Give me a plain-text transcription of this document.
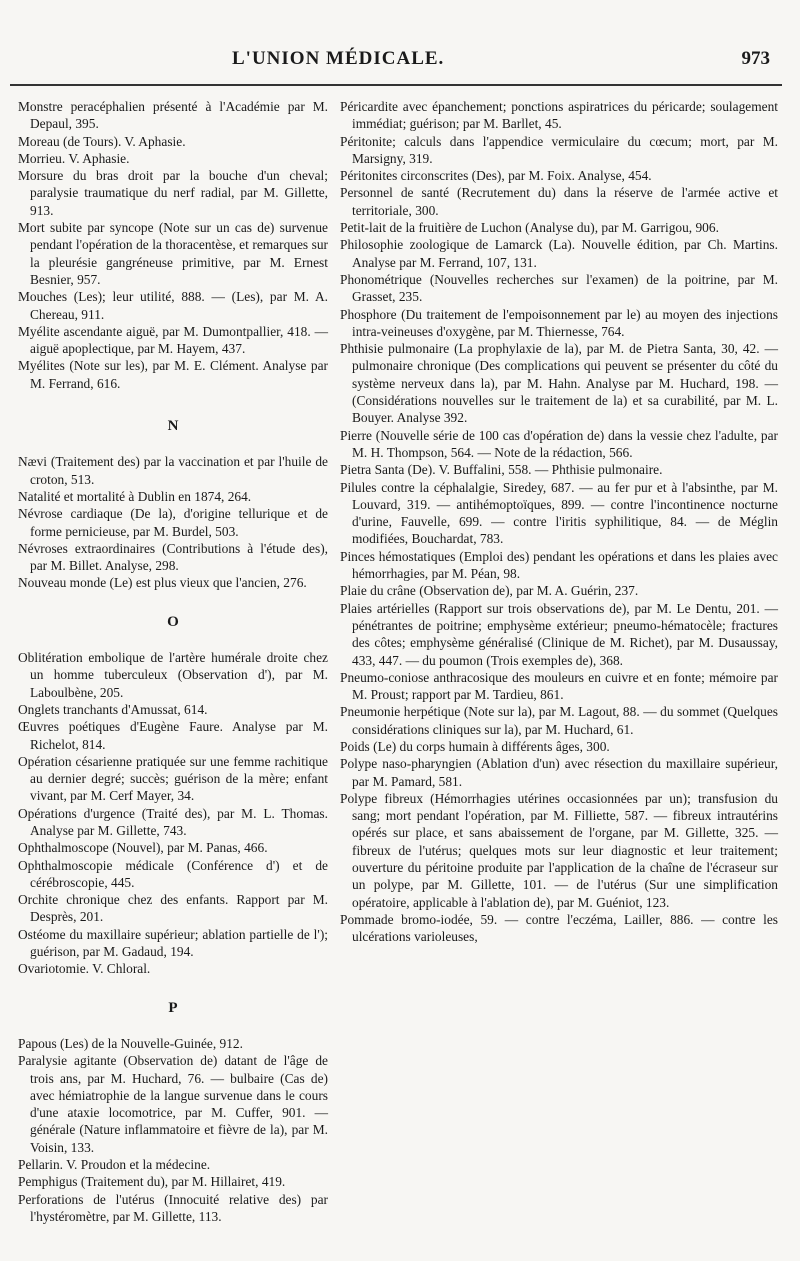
L'UNION MÉDICALE.	973
Monstre peracéphalien présenté à l'Académie par M. Depaul, 395.
Moreau (de Tours). V. Aphasie.
Morrieu. V. Aphasie.
Morsure du bras droit par la bouche d'un cheval; paralysie traumatique du nerf radial, par M. Gillette, 913.
Mort subite par syncope (Note sur un cas de) survenue pendant l'opération de la thoracentèse, et remarques sur la pleurésie gangréneuse primitive, par M. Ernest Besnier, 957.
Mouches (Les); leur utilité, 888. — (Les), par M. A. Chereau, 911.
Myélite ascendante aiguë, par M. Dumontpallier, 418. — aiguë apoplectique, par M. Hayem, 437.
Myélites (Note sur les), par M. E. Clément. Analyse par M. Ferrand, 616.
N
Nævi (Traitement des) par la vaccination et par l'huile de croton, 513.
Natalité et mortalité à Dublin en 1874, 264.
Névrose cardiaque (De la), d'origine tellurique et de forme pernicieuse, par M. Burdel, 503.
Névroses extraordinaires (Contributions à l'étude des), par M. Billet. Analyse, 298.
Nouveau monde (Le) est plus vieux que l'ancien, 276.
O
Oblitération embolique de l'artère humérale droite chez un homme tuberculeux (Observation d'), par M. Laboulbène, 205.
Onglets tranchants d'Amussat, 614.
Œuvres poétiques d'Eugène Faure. Analyse par M. Richelot, 814.
Opération césarienne pratiquée sur une femme rachitique au dernier degré; succès; guérison de la mère; enfant vivant, par M. Cerf Mayer, 34.
Opérations d'urgence (Traité des), par M. L. Thomas. Analyse par M. Gillette, 743.
Ophthalmoscope (Nouvel), par M. Panas, 466.
Ophthalmoscopie médicale (Conférence d') et de cérébroscopie, 445.
Orchite chronique chez des enfants. Rapport par M. Desprès, 201.
Ostéome du maxillaire supérieur; ablation partielle de l'); guérison, par M. Gadaud, 194.
Ovariotomie. V. Chloral.
P
Papous (Les) de la Nouvelle-Guinée, 912.
Paralysie agitante (Observation de) datant de l'âge de trois ans, par M. Huchard, 76. — bulbaire (Cas de) avec hémiatrophie de la langue survenue dans le cours d'une ataxie locomotrice, par M. Cuffer, 901. — générale (Nature inflammatoire et fièvre de la), par M. Voisin, 133.
Pellarin. V. Proudon et la médecine.
Pemphigus (Traitement du), par M. Hillairet, 419.
Perforations de l'utérus (Innocuité relative des) par l'hystéromètre, par M. Gillette, 113.
Péricardite avec épanchement; ponctions aspiratrices du péricarde; soulagement immédiat; guérison; par M. Barllet, 45.
Péritonite; calculs dans l'appendice vermiculaire du cœcum; mort, par M. Marsigny, 319.
Péritonites circonscrites (Des), par M. Foix. Analyse, 454.
Personnel de santé (Recrutement du) dans la réserve de l'armée active et territoriale, 300.
Petit-lait de la fruitière de Luchon (Analyse du), par M. Garrigou, 906.
Philosophie zoologique de Lamarck (La). Nouvelle édition, par Ch. Martins. Analyse par M. Ferrand, 107, 131.
Phonométrique (Nouvelles recherches sur l'examen) de la poitrine, par M. Grasset, 235.
Phosphore (Du traitement de l'empoisonnement par le) au moyen des injections intra-veineuses d'oxygène, par M. Thiernesse, 764.
Phthisie pulmonaire (La prophylaxie de la), par M. de Pietra Santa, 30, 42. — pulmonaire chronique (Des complications qui peuvent se présenter du côté du système nerveux dans la), par M. Hahn. Analyse par M. Huchard, 198. — (Considérations nouvelles sur le traitement de la) et sa curabilité, par M. L. Bouyer. Analyse 392.
Pierre (Nouvelle série de 100 cas d'opération de) dans la vessie chez l'adulte, par M. H. Thompson, 564. — Note de la rédaction, 566.
Pietra Santa (De). V. Buffalini, 558. — Phthisie pulmonaire.
Pilules contre la céphalalgie, Siredey, 687. — au fer pur et à l'absinthe, par M. Louvard, 319. — antihémoptoïques, 899. — contre l'incontinence nocturne d'urine, Fauvelle, 699. — contre l'iritis syphilitique, 84. — de Méglin modifiées, Bouchardat, 783.
Pinces hémostatiques (Emploi des) pendant les opérations et dans les plaies avec hémorrhagies, par M. Péan, 98.
Plaie du crâne (Observation de), par M. A. Guérin, 237.
Plaies artérielles (Rapport sur trois observations de), par M. Le Dentu, 201. — pénétrantes de poitrine; emphysème extérieur; pneumo-hématocèle; fractures des côtes; emphysème généralisé (Clinique de M. Richet), par M. Dusaussay, 433, 447. — du poumon (Trois exemples de), 368.
Pneumo-coniose anthracosique des mouleurs en cuivre et en fonte; mémoire par M. Proust; rapport par M. Tardieu, 861.
Pneumonie herpétique (Note sur la), par M. Lagout, 88. — du sommet (Quelques considérations cliniques sur la), par M. Huchard, 61.
Poids (Le) du corps humain à différents âges, 300.
Polype naso-pharyngien (Ablation d'un) avec résection du maxillaire supérieur, par M. Pamard, 581.
Polype fibreux (Hémorrhagies utérines occasionnées par un); transfusion du sang; mort pendant l'opération, par M. Filliette, 587. — fibreux intrautérins opérés sur place, et sans abaissement de l'organe, par M. Gillette, 325. — fibreux de l'utérus; quelques mots sur leur diagnostic et leur traitement; ouverture du péritoine produite par l'application de la chaîne de l'écraseur sur un polype, par M. Gillette, 101. — de l'utérus (Sur une simplification opératoire, applicable à l'ablation de), par M. Guéniot, 123.
Pommade bromo-iodée, 59. — contre l'eczéma, Lailler, 886. — contre les ulcérations varioleuses,
